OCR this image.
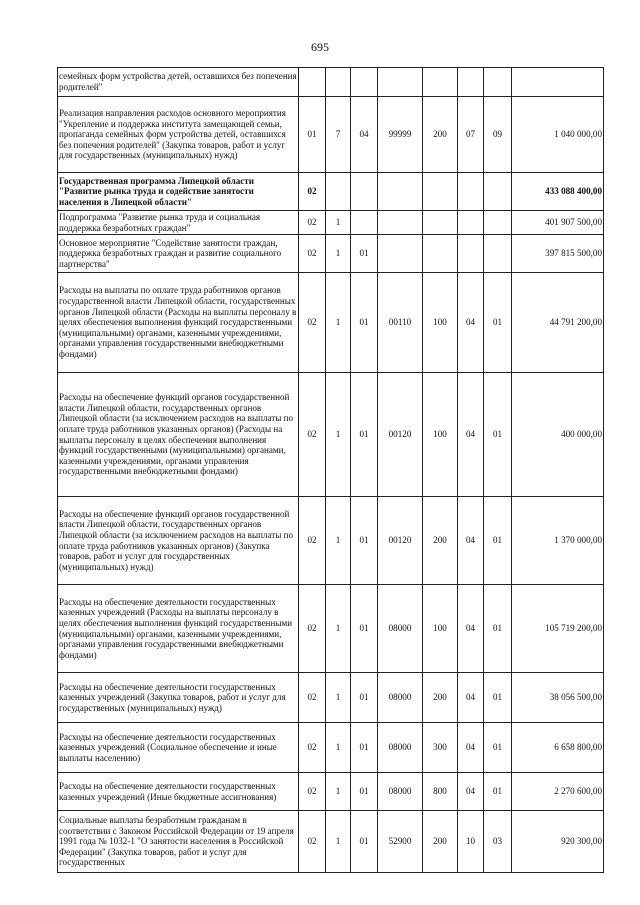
695
семейных форм устройства детей, оставшихся без попечения родителей"								
Реализация направления расходов основного мероприятия "Укрепление и поддержка института замещающей семьи, пропаганда семейных форм устройства детей, оставшихся без попечения родителей" (Закупка товаров, работ и услуг для государственных (муниципальных) нужд)	01	7	04	99999	200	07	09	1 040 000,00
Государственная программа Липецкой области "Развитие рынка труда и содействие занятости населения в Липецкой области"	02							433 088 400,00
Подпрограмма "Развитие рынка труда и социальная поддержка безработных граждан"	02	1						401 907 500,00
Основное мероприятие "Содействие занятости граждан, поддержка безработных граждан и развитие социального партнерства"	02	1	01					397 815 500,00
Расходы на выплаты по оплате труда работников органов государственной власти Липецкой области, государственных органов Липецкой области (Расходы на выплаты персоналу в целях обеспечения выполнения функций государственными (муниципальными) органами, казенными учреждениями, органами управления государственными внебюджетными фондами)	02	1	01	00110	100	04	01	44 791 200,00
Расходы на обеспечение функций органов государственной власти Липецкой области, государственных органов Липецкой области (за исключением расходов на выплаты по оплате труда работников указанных органов) (Расходы на выплаты персоналу в целях обеспечения выполнения функций государственными (муниципальными) органами, казенными учреждениями, органами управления государственными внебюджетными фондами)	02	1	01	00120	100	04	01	400 000,00
Расходы на обеспечение функций органов государственной власти Липецкой области, государственных органов Липецкой области (за исключением расходов на выплаты по оплате труда работников указанных органов) (Закупка товаров, работ и услуг для государственных (муниципальных) нужд)	02	1	01	00120	200	04	01	1 370 000,00
Расходы на обеспечение деятельности государственных казенных учреждений (Расходы на выплаты персоналу в целях обеспечения выполнения функций государственными (муниципальными) органами, казенными учреждениями, органами управления государственными внебюджетными фондами)	02	1	01	08000	100	04	01	105 719 200,00
Расходы на обеспечение деятельности государственных казенных учреждений (Закупка товаров, работ и услуг для государственных (муниципальных) нужд)	02	1	01	08000	200	04	01	38 056 500,00
Расходы на обеспечение деятельности государственных казенных учреждений (Социальное обеспечение и иные выплаты населению)	02	1	01	08000	300	04	01	6 658 800,00
Расходы на обеспечение деятельности государственных казенных учреждений (Иные бюджетные ассигнования)	02	1	01	08000	800	04	01	2 270 600,00
Социальные выплаты безработным гражданам в соответствии с Законом Российской Федерации от 19 апреля 1991 года № 1032-1 "О занятости населения в Российской Федерации" (Закупка товаров, работ и услуг для государственных	02	1	01	52900	200	10	03	920 300,00
